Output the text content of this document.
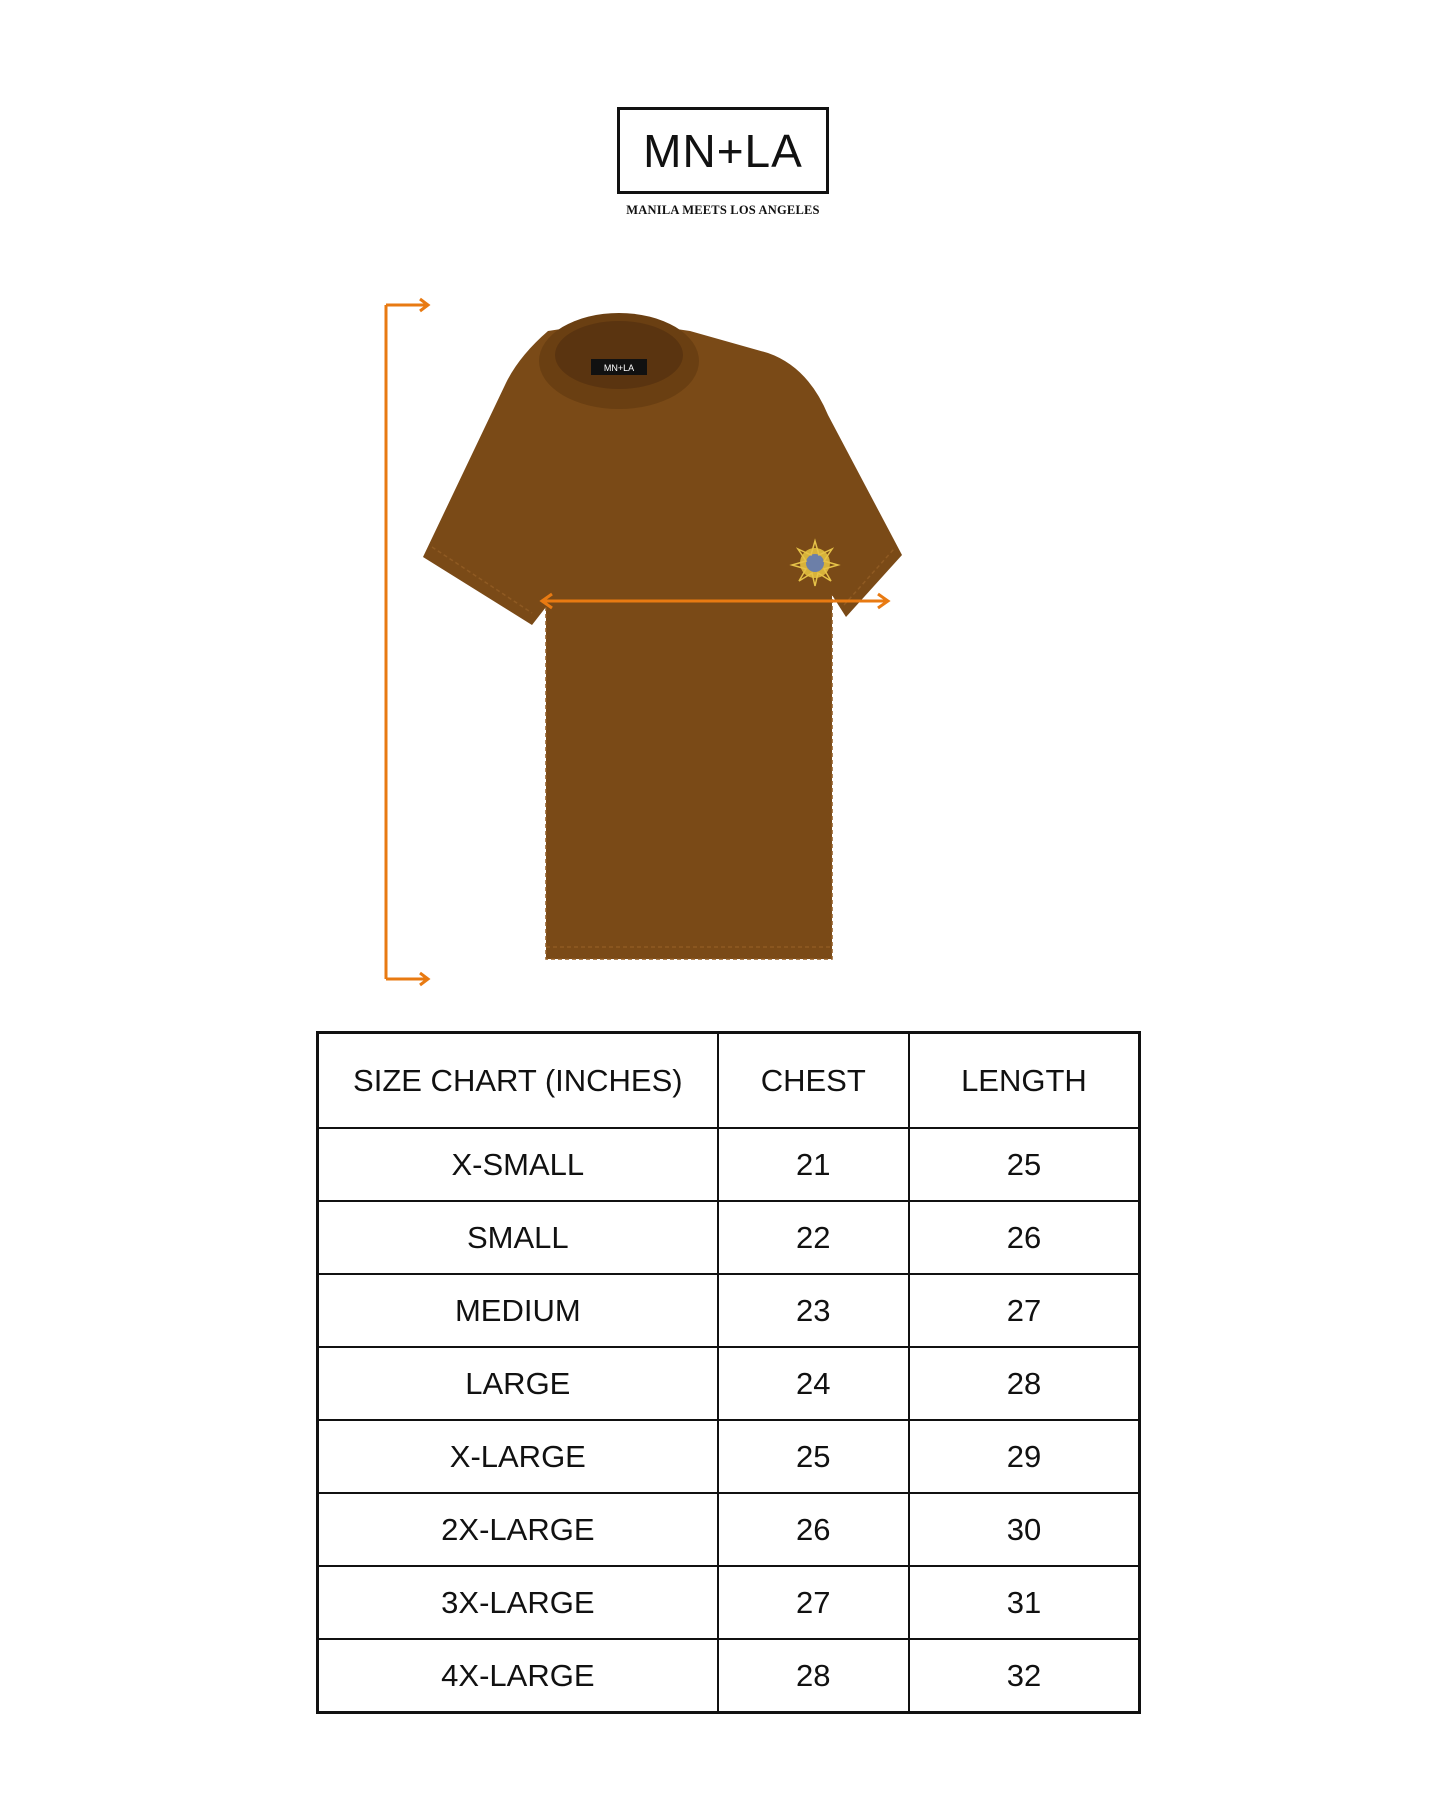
MN+LA
MANILA MEETS LOS ANGELES
MN+LA
SIZE CHART (INCHES)	CHEST	LENGTH
X-SMALL	21	25
SMALL	22	26
MEDIUM	23	27
LARGE	24	28
X-LARGE	25	29
2X-LARGE	26	30
3X-LARGE	27	31
4X-LARGE	28	32
